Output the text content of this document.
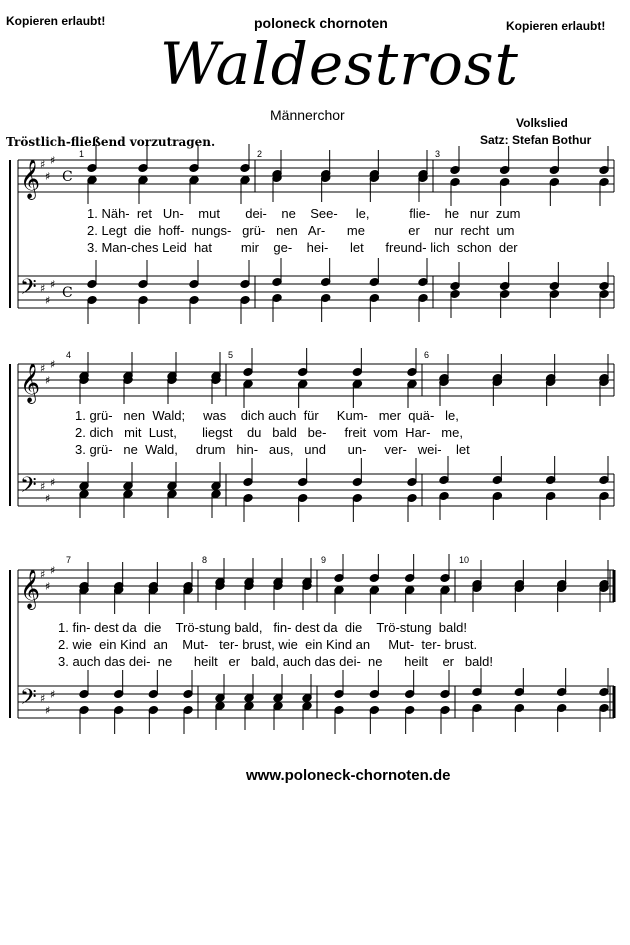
Kopieren erlaubt!	poloneck chornoten	Kopieren erlaubt!
Waldestrost
Männerchor	Volkslied
Satz: Stefan Bothur
Tröstlich-fließend vorzutragen.
𝄞
𝄢
♯
♯
♯
♯
♯
♯
C
C
𝄞
𝄢
♯
♯
♯
♯
♯
♯
𝄞
𝄢
♯
♯
♯
♯
♯
♯
1	2	3
4	5	6
7	8	9	10
1. Näh-  ret   Un-    mut       dei-    ne    See-     le,           flie-    he   nur  zum
2. Legt  die  hoff-  nungs-   grü-   nen   Ar-      me            er    nur  recht  um
3. Man-ches Leid  hat        mir    ge-    hei-      let      freund- lich  schon  der
1. grü-   nen  Wald;     was    dich auch  für     Kum-   mer  quä-   le,
2. dich   mit  Lust,       liegst    du   bald   be-     freit  vom  Har-   me,
3. grü-   ne  Wald,     drum   hin-   aus,   und      un-     ver-   wei-    let
1. fin- dest da  die    Trö-stung bald,   fin- dest da  die    Trö-stung  bald!
2. wie  ein Kind  an    Mut-   ter- brust, wie  ein Kind an     Mut-  ter- brust.
3. auch das dei-  ne      heilt   er   bald, auch das dei-  ne      heilt    er   bald!
www.poloneck-chornoten.de
